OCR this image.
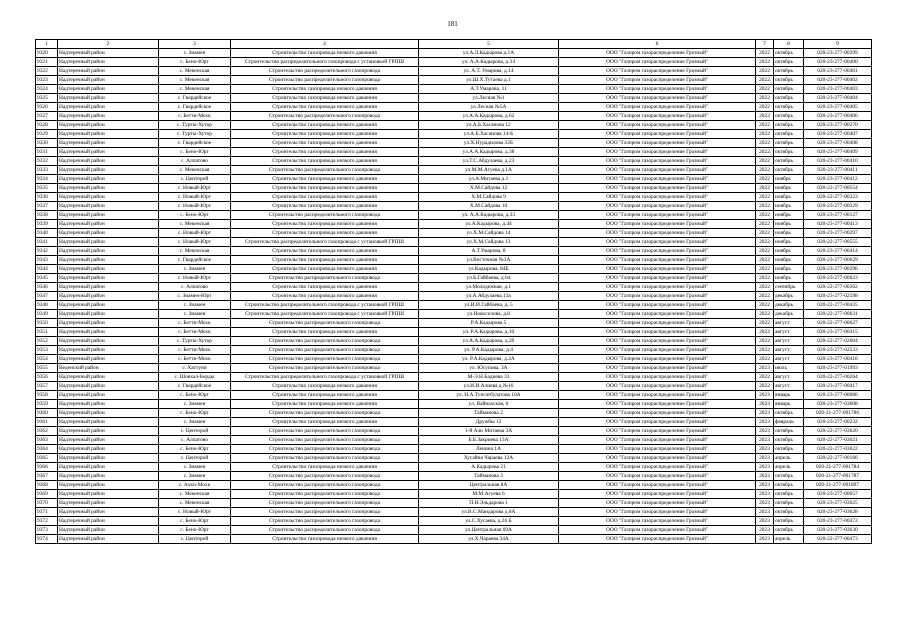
181
1	2	3	4	5	6	7	8	9
9320	Надтеречный район	с. Знамен	Строительство газопровода низкого давления	ул.А.Л.Кадырова д.1А	ООО "Газпром газораспределение Грозный"	2022	октябрь	020-23-277-00399
9321	Надтеречный район	с. Бено-Юрт	Строительство распределительного газопровода с установкой ГРПШ	ул. А.А.Кадырова, д.34	ООО "Газпром газораспределение Грозный"	2022	октябрь	020-23-277-00400
9322	Надтеречный район	с. Мекенская	Строительство распределительного газопровода	ул. А.Т. Умарова, д.14	ООО "Газпром газораспределение Грозный"	2022	октябрь	020-23-277-00401
9323	Надтеречный район	с. Мекенская	Строительство распределительного газопровода	ул.Ш.Х.Тутаева д.1	ООО "Газпром газораспределение Грозный"	2022	октябрь	020-23-277-00402
9324	Надтеречный район	с. Мекенская	Строительство газопровода низкого давления	А.Т.Умарова, 11	ООО "Газпром газораспределение Грозный"	2022	октябрь	020-23-277-00403
9325	Надтеречный район	с. Гвардейское	Строительство газопровода низкого давления	ул.Лесная №1	ООО "Газпром газораспределение Грозный"	2022	октябрь	020-23-277-00404
9326	Надтеречный район	с. Гвардейское	Строительство газопровода низкого давления	ул.Лесная №5А	ООО "Газпром газораспределение Грозный"	2022	октябрь	020-23-277-00405
9327	Надтеречный район	с. Бетти-Мохк	Строительство распределительного газопровода	ул.А.А.Кадырова, д.62	ООО "Газпром газораспределение Грозный"	2022	октябрь	020-23-277-00406
9328	Надтеречный район	с. Турты-Хутор	Строительство газопровода низкого давления	ул.А.Б.Хасанова 12	ООО "Газпром газораспределение Грозный"	2022	октябрь	020-23-277-00270
9329	Надтеречный район	с. Турты-Хутор	Строительство газопровода низкого давления	ул.А.Б.Хасанова 14-Б	ООО "Газпром газораспределение Грозный"	2022	октябрь	020-23-277-00407
9330	Надтеречный район	с. Гвардейское	Строительство газопровода низкого давления	ул.Х.Нурадилова 32Б	ООО "Газпром газораспределение Грозный"	2022	октябрь	020-23-277-00408
9331	Надтеречный район	с. Бено-Юрт	Строительство газопровода низкого давления	ул.А.А.Кадырова, д.38	ООО "Газпром газораспределение Грозный"	2022	октябрь	020-23-277-00409
9332	Надтеречный район	с. Алпатово	Строительство газопровода низкого давления	ул.Т.С.Абдулаева, д.23	ООО "Газпром газораспределение Грозный"	2022	октябрь	020-23-277-00410
9333	Надтеречный район	с. Мекенская	Строительство распределительного газопровода	ул.М.М.Агуева д.1А	ООО "Газпром газораспределение Грозный"	2022	октябрь	020-23-277-00411
9334	Надтеречный район	с. Центорой	Строительство газопровода низкого давления	ул.А.Митаева д.1	ООО "Газпром газораспределение Грозный"	2022	ноябрь	020-23-277-00412
9335	Надтеречный район	с. Новый-Юрт	Строительство газопровода низкого давления	Х.М.Сайдова 12	ООО "Газпром газораспределение Грозный"	2022	ноябрь	020-22-277-00554
9336	Надтеречный район	с. Новый-Юрт	Строительство газопровода низкого давления	Х.М.Сайдова 9	ООО "Газпром газораспределение Грозный"	2022	ноябрь	020-22-277-00323
9337	Надтеречный район	с. Новый-Юрт	Строительство газопровода низкого давления	Х.М.Сайдова 10	ООО "Газпром газораспределение Грозный"	2022	ноябрь	020-23-277-00329
9338	Надтеречный район	с. Бено-Юрт	Строительство распределительного газопровода	ул. А.А.Кадырова, д.33	ООО "Газпром газораспределение Грозный"	2022	ноябрь	020-23-277-00127
9339	Надтеречный район	с. Мекенская	Строительство газопровода низкого давления	ул.А.Кадырова, д.44	ООО "Газпром газораспределение Грозный"	2022	ноябрь	020-23-277-00413
9340	Надтеречный район	с. Новый-Юрт	Строительство газопровода низкого давления	ул.Х.М.Сайдова 14	ООО "Газпром газораспределение Грозный"	2022	ноябрь	020-23-277-00297
9341	Надтеречный район	с. Новый-Юрт	Строительство распределительного газопровода с установкой ГРПШ	ул.Х.М.Сайдова 13	ООО "Газпром газораспределение Грозный"	2022	ноябрь	020-22-277-00555
9342	Надтеречный район	с. Мекенская	Строительство газопровода низкого давления	А.Т.Умарова, 8	ООО "Газпром газораспределение Грозный"	2022	ноябрь	020-23-277-00414
9343	Надтеречный район	с. Гвардейское	Строительство газопровода низкого давления	ул.Восточная №3А	ООО "Газпром газораспределение Грозный"	2022	ноябрь	020-23-277-00629
9344	Надтеречный район	с. Знамен	Строительство газопровода низкого давления	ул.Кадырова, 84Б	ООО "Газпром газораспределение Грозный"	2022	ноябрь	020-23-277-00296
9345	Надтеречный район	с. Новый-Юрт	Строительство распределительного газопровода	ул.Б.Гайбаева, д.64	ООО "Газпром газораспределение Грозный"	2022	ноябрь	020-23-277-00623
9346	Надтеречный район	с. Алпатово	Строительство газопровода низкого давления	ул.Молодежная, д.1	ООО "Газпром газораспределение Грозный"	2022	сентябрь	020-22-277-00362
9347	Надтеречный район	с. Знамен-Юрт	Строительство газопровода низкого давления	ул.А.Абдулаева,13а	ООО "Газпром газораспределение Грозный"	2022	декабрь	020-23-277-02598
9348	Надтеречный район	с. Знамен	Строительство распределительного газопровода с установкой ГРПШ	ул.И.И.Гайбаева, д. 5	ООО "Газпром газораспределение Грозный"	2022	декабрь	020-22-277-00435
9349	Надтеречный район	с. Знамен	Строительство распределительного газопровода с установкой ГРПШ	ул.Новоселова, д.8	ООО "Газпром газораспределение Грозный"	2022	декабрь	020-22-277-00631
9350	Надтеречный район	с. Бетти-Мохк	Строительство распределительного газопровода	Р.А.Кадырова 5	ООО "Газпром газораспределение Грозный"	2022	август	020-22-277-00627
9351	Надтеречный район	с. Бетти-Мохк	Строительство газопровода низкого давления	ул. Р.А.Кадырова, д.10	ООО "Газпром газораспределение Грозный"	2022	август	020-23-277-00415
9352	Надтеречный район	с. Турты-Хутор	Строительство распределительного газопровода	ул.А.А.Кадырова, д.20	ООО "Газпром газораспределение Грозный"	2022	август	020-22-277-02604
9353	Надтеречный район	с. Бетти-Мохк	Строительство распределительного газопровода	ул. Р.А.Кадырова, д.4	ООО "Газпром газораспределение Грозный"	2022	август	020-23-277-02533
9354	Надтеречный район	с. Бетти-Мохк	Строительство распределительного газопровода	ул. Р.А.Кадырова, д.2А	ООО "Газпром газораспределение Грозный"	2022	август	020-23-277-00416
9355	Веденский район	с. Хаттуни	Строительство распределительного газопровода	ул. Юсупова, 3А	ООО "Газпром газораспределение Грозный"	2023	июль	020-23-277-01993
9356	Надтеречный район	с. Шовхал-Берды	Строительство распределительного газопровода с установкой ГРПШ	М-Э.Н.Бадиева 33	ООО "Газпром газораспределение Грозный"	2022	август	020-22-277-00264
9357	Надтеречный район	с. Гвардейское	Строительство газопровода низкого давления	ул.И.И.Алиева д.№16	ООО "Газпром газораспределение Грозный"	2022	август	020-23-277-00417
9358	Надтеречный район	с. Бено-Юрт	Строительство газопровода низкого давления	ул. Н.А.Тунгатбулатова 10А	ООО "Газпром газораспределение Грозный"	2023	январь	020-23-277-00086
9359	Надтеречный район	с. Знамен	Строительство газопровода низкого давления	ул. Вайнахская, 6	ООО "Газпром газораспределение Грозный"	2023	январь	020-23-277-03608
9360	Надтеречный район	с. Бено-Юрт	Строительство распределительного газопровода	Тайманова 2	ООО "Газпром газораспределение Грозный"	2023	октябрь	020-21-277-001786
9361	Надтеречный район	с. Знамен	Строительство газопровода низкого давления	Дружбы 12	ООО "Газпром газораспределение Грозный"	2023	февраль	020-23-277-00232
9362	Надтеречный район	с. Центорой	Строительство распределительного газопровода	1-й Али Митаева 3А	ООО "Газпром газораспределение Грозный"	2023	октябрь	020-22-277-03620
9363	Надтеречный район	с. Алпатово	Строительство распределительного газопровода	Б.Б.Закриева 13А	ООО "Газпром газораспределение Грозный"	2023	октябрь	020-22-277-03621
9364	Надтеречный район	с. Бено-Юрт	Строительство распределительного газопровода	Ленина 1А	ООО "Газпром газораспределение Грозный"	2023	октябрь	020-22-277-03622
9365	Надтеречный район	с. Центорой	Строительство распределительного газопровода	Хусайна Чараева 12А	ООО "Газпром газораспределение Грозный"	2023	апрель	020-22-277-00166
9366	Надтеречный район	с. Знамен	Строительство газопровода низкого давления	А.Кадырова 21	ООО "Газпром газораспределение Грозный"	2023	апрель	020-21-277-001784
9367	Надтеречный район	с. Знамен	Строительство распределительного газопровода	Тайманова 3	ООО "Газпром газораспределение Грозный"	2023	октябрь	020-21-277-001787
9368	Надтеречный район	с. Ахки-Мохк	Строительство распределительного газопровода	Центральная 8А	ООО "Газпром газораспределение Грозный"	2023	октябрь	020-21-277-001807
9369	Надтеречный район	с. Мекенская	Строительство распределительного газопровода	М.М.Агуева 6	ООО "Газпром газораспределение Грозный"	2023	октябрь	020-23-277-00057
9370	Надтеречный район	с. Мекенская	Строительство распределительного газопровода	П.Н.Эльдарова 1	ООО "Газпром газораспределение Грозный"	2023	октябрь	020-23-277-03625
9371	Надтеречный район	с. Новый-Юрт	Строительство распределительного газопровода	ул.В.С.Мандарова д.8А	ООО "Газпром газораспределение Грозный"	2023	октябрь	020-23-277-03628
9372	Надтеречный район	с. Бено-Юрт	Строительство распределительного газопровода	ул.С.Хусаева, д.26 Б	ООО "Газпром газораспределение Грозный"	2023	октябрь	020-23-277-00472
9373	Надтеречный район	с. Бено-Юрт	Строительство распределительного газопровода	ул.Центральная 69А	ООО "Газпром газораспределение Грозный"	2023	октябрь	020-23-277-03630
9374	Надтеречный район	с. Центорой	Строительство газопровода низкого давления	ул.Х.Чараева 34А	ООО "Газпром газораспределение Грозный"	2023	апрель	020-22-277-00473
